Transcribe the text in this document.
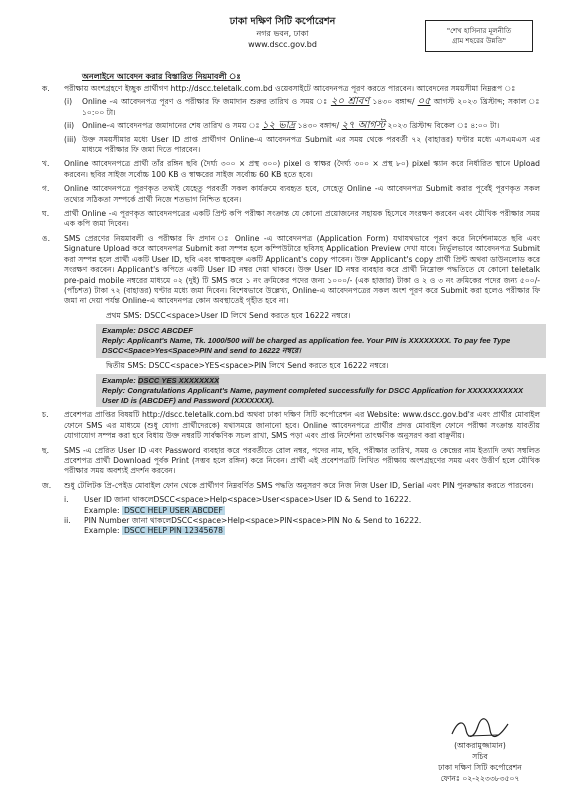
ঢাকা দক্ষিণ সিটি কর্পোরেশন
নগর ভবন, ঢাকা
www.dscc.gov.bd
"শেখ হাসিনার মূলনীতি
গ্রাম শহরের উন্নতি"
অনলাইনে আবেদন করার বিস্তারিত নিয়মাবলী ঃ
ক.	পরীক্ষায় অংশগ্রহণে ইচ্ছুক প্রার্থীগণ http://dscc.teletalk.com.bd ওয়েবসাইটে আবেদনপত্র পূরণ করতে পারবেন। আবেদনের সময়সীমা নিম্নরূপ ঃ
(i)	Online -এ আবেদনপত্র পূরণ ও পরীক্ষার ফি জমাদান শুরুর তারিখ ও সময় ঃ ২০ শ্রাবণ ১৪৩০ বঙ্গাব্দ/ ০৫ আগস্ট ২০২৩ খ্রিস্টাব্দ; সকাল ঃ ১০:০০ টা।
(ii)	Online-এ আবেদনপত্র জমাদানের শেষ তারিখ ও সময় ঃ ১২ ভাদ্র ১৪৩০ বঙ্গাব্দ/ ২৭ আগস্ট ২০২৩ খ্রিস্টাব্দ বিকেল ঃ ৪:০০ টা।
(iii) উক্ত সময়সীমার মধ্যে User ID প্রাপ্ত প্রার্থীগণ Online-এ আবেদনপত্র Submit এর সময় থেকে পরবর্তী ৭২ (বাহাত্তর) ঘণ্টার মধ্যে এসএমএস এর মাধ্যমে পরীক্ষার ফি জমা দিতে পারবেন।
খ.	Online আবেদনপত্রে প্রার্থী তাঁর রঙ্গিন ছবি (দৈর্ঘ্য ৩০০ × প্রস্থ ৩০০) pixel ও স্বাক্ষর (দৈর্ঘ্য ৩০০ × প্রস্থ ৮০) pixel স্ক্যান করে নির্ধারিত স্থানে Upload করবেন। ছবির সাইজ সর্বোচ্চ 100 KB ও স্বাক্ষরের সাইজ সর্বোচ্চ 60 KB হতে হবে।
গ.	Online আবেদনপত্রে পূরণকৃত তথ্যই যেহেতু পরবর্তী সকল কার্যক্রমে ব্যবহৃত হবে, সেহেতু Online -এ আবেদনপত্র Submit করার পূর্বেই পূরণকৃত সকল তথ্যের সঠিকতা সম্পর্কে প্রার্থী নিজে শতভাগ নিশ্চিত হবেন।
ঘ.	প্রার্থী Online -এ পূরণকৃত আবেদনপত্রের একটি প্রিন্ট কপি পরীক্ষা সংক্রান্ত যে কোনো প্রয়োজনের সহায়ক হিসেবে সংরক্ষণ করবেন এবং মৌখিক পরীক্ষার সময় এক কপি জমা দিবেন।
ঙ.	SMS প্রেরণের নিয়মাবলী ও পরীক্ষার ফি প্রদান ঃ Online -এ আবেদনপত্র (Application Form) যথাযথভাবে পূরণ করে নির্দেশনামতে ছবি এবং Signature Upload করে আবেদনপত্র Submit করা সম্পন্ন হলে কম্পিউটারে ছবিসহ Application Preview দেখা যাবে। নির্ভুলভাবে আবেদনপত্র Submit করা সম্পন্ন হলে প্রার্থী একটি User ID, ছবি এবং স্বাক্ষরযুক্ত একটি Applicant's copy পাবেন। উক্ত Applicant's copy প্রার্থী প্রিন্ট অথবা ডাউনলোড করে সংরক্ষণ করবেন। Applicant's কপিতে একটি User ID নম্বর দেয়া থাকবে। উক্ত User ID নম্বর ব্যবহার করে প্রার্থী নিম্নোক্ত পদ্ধতিতে যে কোনো teletalk pre-paid mobile নম্বরের মাধ্যমে ০২ (দুই) টি SMS করে ১ নং ক্রমিকের পদের জন্য ১০০০/- (এক হাজার) টাকা ও ২ ও ৩ নং ক্রমিকের পদের জন্য ৫০০/-(পাঁচশত) টাকা ৭২ (বাহাত্তর) ঘণ্টার মধ্যে জমা দিবেন। বিশেষভাবে উল্লেখ্য, Online-এ আবেদনপত্রের সকল অংশ পূরণ করে Submit করা হলেও পরীক্ষার ফি জমা না দেয়া পর্যন্ত Online-এ আবেদনপত্র কোন অবস্থাতেই গৃহীত হবে না।
প্রথম SMS: DSCC<space>User ID লিখে Send করতে হবে 16222 নম্বরে।
Example: DSCC ABCDEF
Reply: Applicant's Name, Tk. 1000/500 will be charged as application fee. Your PIN is XXXXXXXX. To pay fee Type DSCC<Space>Yes<Space>PIN and send to 16222 নম্বরে।
দ্বিতীয় SMS: DSCC<space>YES<space>PIN লিখে Send করতে হবে 16222 নম্বরে।
Example: DSCC YES XXXXXXXX
Reply: Congratulations Applicant's Name, payment completed successfully for DSCC Application for XXXXXXXXXXX User ID is (ABCDEF) and Password (XXXXXXX).
চ.	প্রবেশপত্র প্রাপ্তির বিষয়টি http://dscc.teletalk.com.bd অথবা ঢাকা দক্ষিণ সিটি কর্পোরেশন এর Website: www.dscc.gov.bd'র এবং প্রার্থীর মোবাইল ফোনে SMS এর মাধ্যমে (শুধু যোগ্য প্রার্থীদেরকে) যথাসময়ে জানানো হবে। Online আবেদনপত্রে প্রার্থীর প্রদত্ত মোবাইল ফোনে পরীক্ষা সংক্রান্ত যাবতীয় যোগাযোগ সম্পন্ন করা হবে বিধায় উক্ত নম্বরটি সার্বক্ষণিক সচল রাখা, SMS পড়া এবং প্রাপ্ত নির্দেশনা তাৎক্ষণিক অনুসরণ করা বাঞ্ছনীয়।
ছ.	SMS -এ প্রেরিত User ID এবং Password ব্যবহার করে পরবর্তীতে রোল নম্বর, পদের নাম, ছবি, পরীক্ষার তারিখ, সময় ও কেন্দ্রের নাম ইত্যাদি তথ্য সম্বলিত প্রবেশপত্র প্রার্থী Download পূর্বক Print (সম্ভব হলে রঙ্গিন) করে নিবেন। প্রার্থী এই প্রবেশপত্রটি লিখিত পরীক্ষায় অংশগ্রহণের সময় এবং উত্তীর্ণ হলে মৌখিক পরীক্ষার সময় অবশ্যই প্রদর্শন করবেন।
জ.	শুধু টেলিটক প্রি-পেইড মোবাইল ফোন থেকে প্রার্থীগণ নিম্নবর্ণিত SMS পদ্ধতি অনুসরণ করে নিজ নিজ User ID, Serial এবং PIN পুনরুদ্ধার করতে পারবেন।
i.	User ID জানা থাকলেDSCC<space>Help<space>User<space>User ID & Send to 16222.
Example: DSCC HELP USER ABCDEF
ii.	PIN Number জানা থাকলেDSCC<space>Help<space>PIN<space>PIN No & Send to 16222.
Example: DSCC HELP PIN 12345678
(আকরামুজ্জামান)
সচিব
ঢাকা দক্ষিণ সিটি কর্পোরেশন
ফোনঃ ০২-২২৩৩৮৩৫০৭
